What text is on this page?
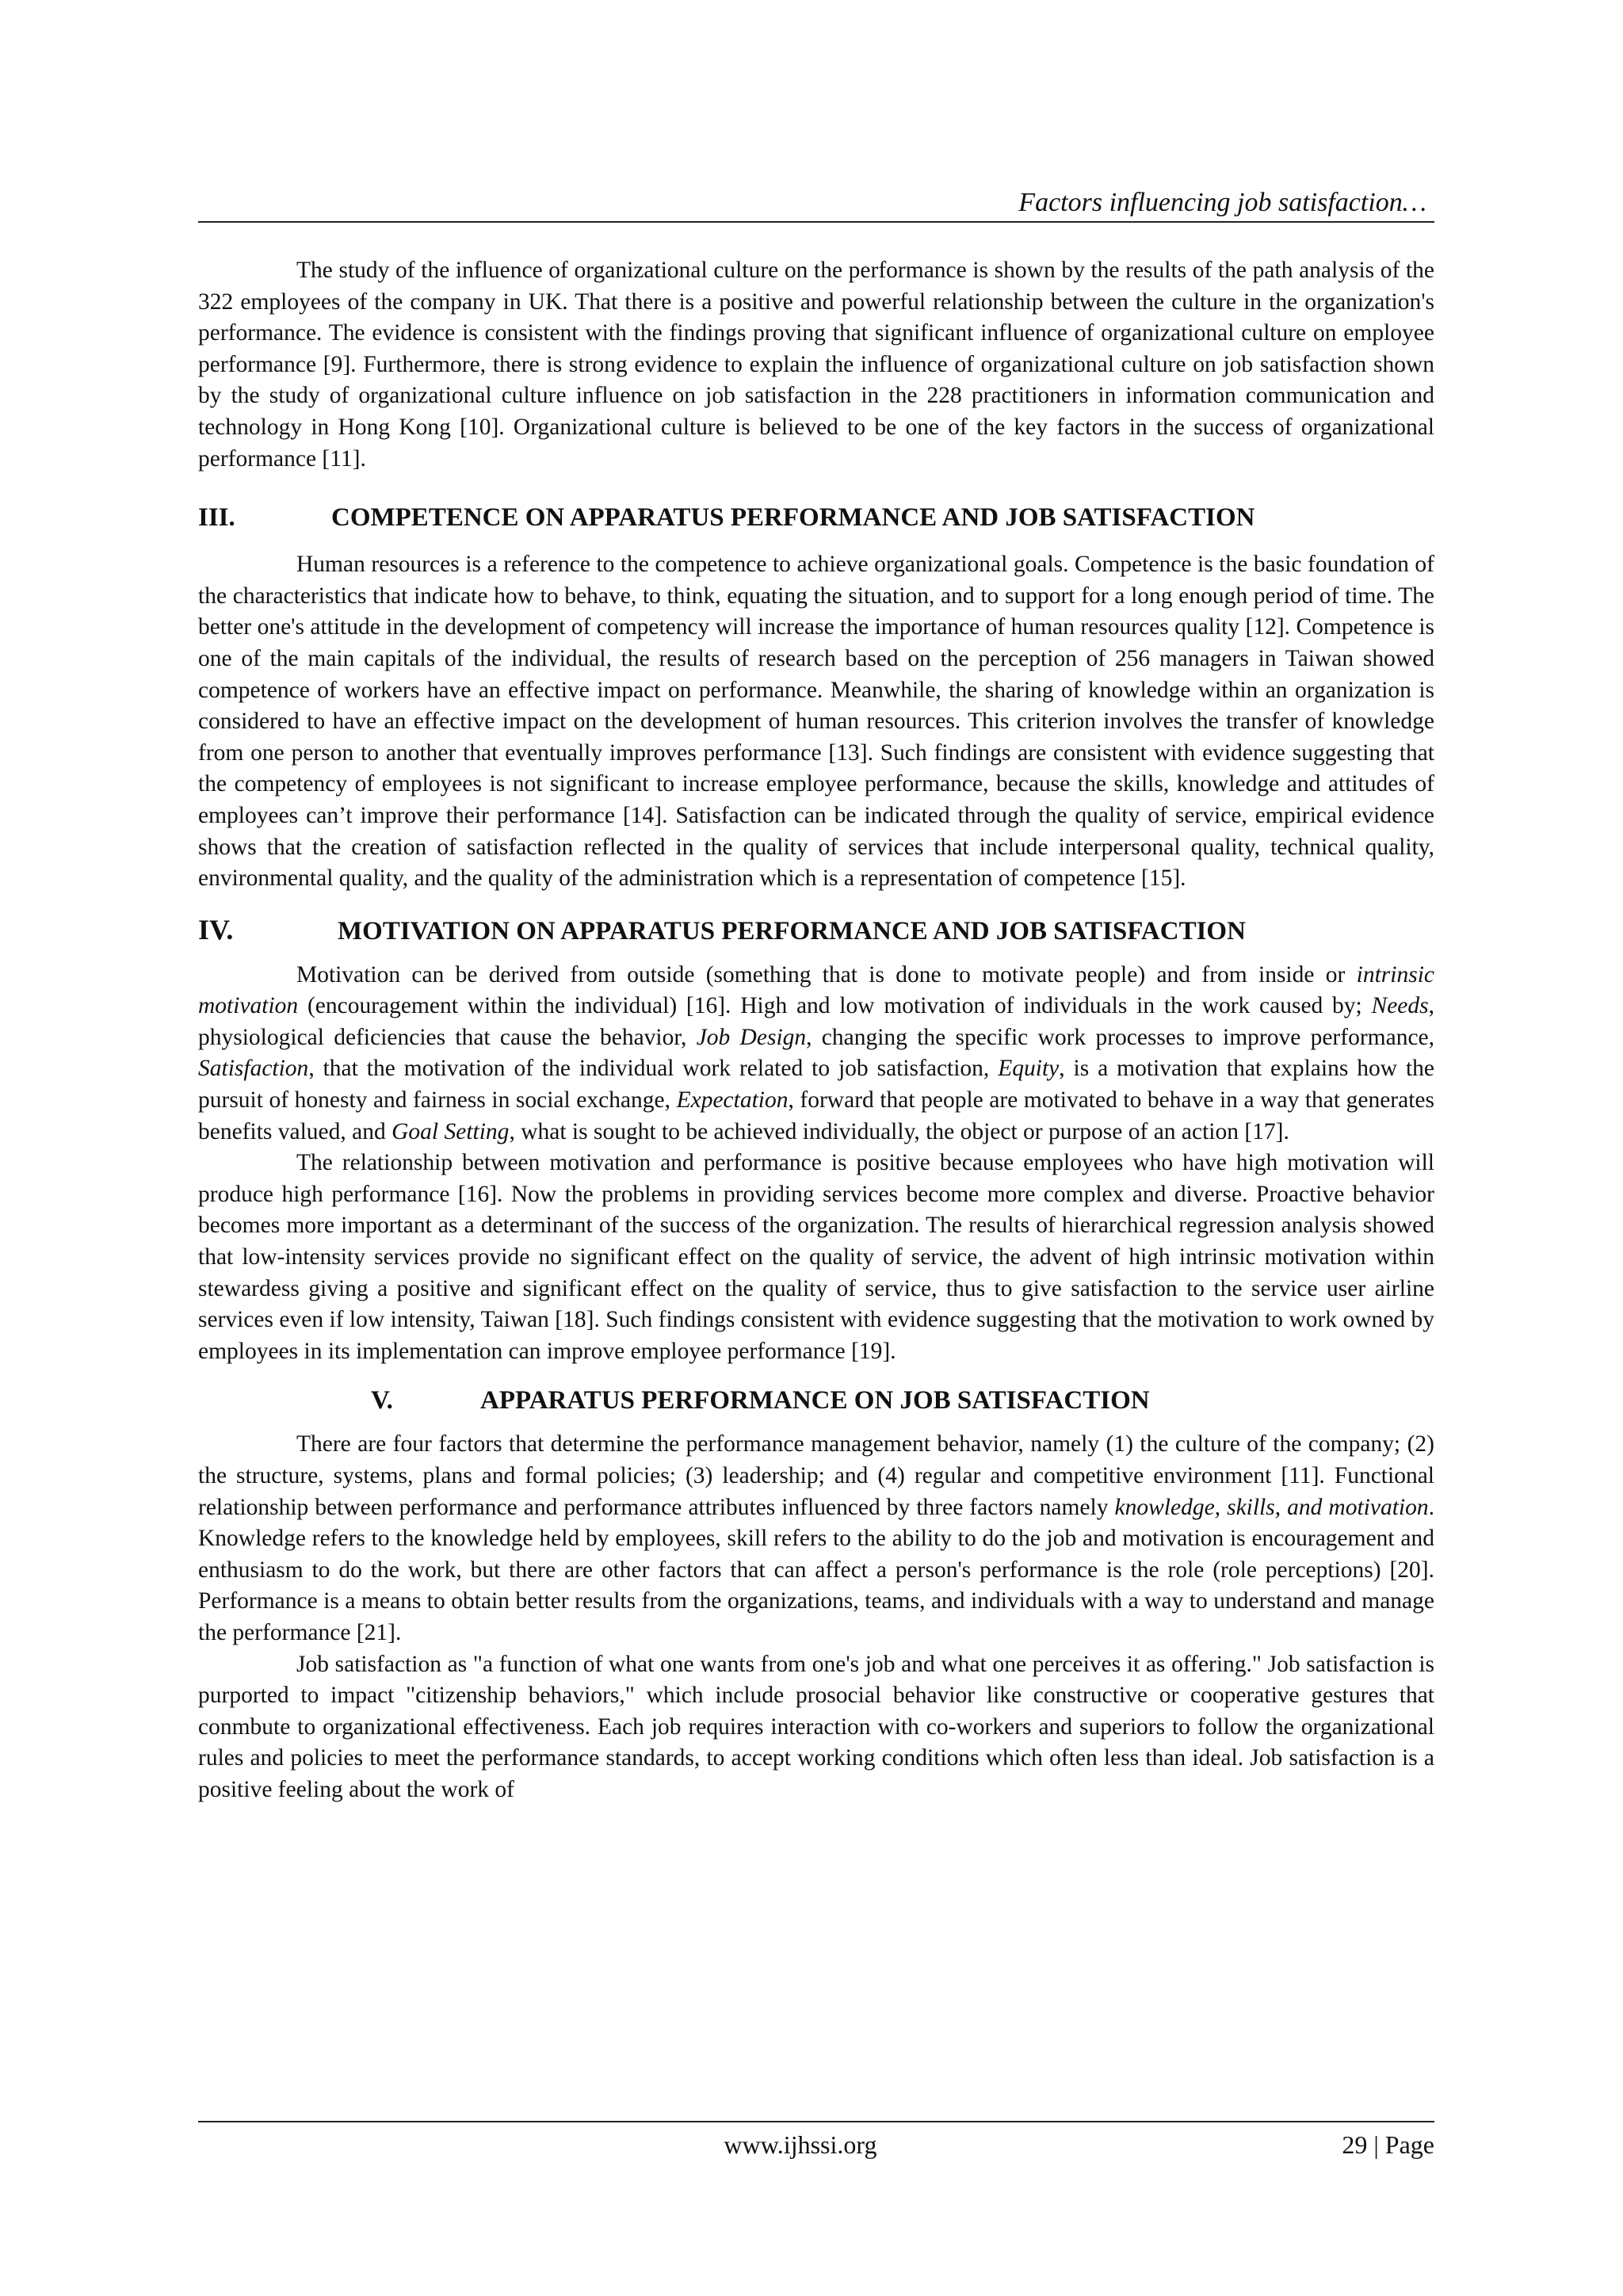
Factors influencing job satisfaction…

The study of the influence of organizational culture on the performance is shown by the results of the path analysis of the 322 employees of the company in UK. That there is a positive and powerful relationship between the culture in the organization's performance. The evidence is consistent with the findings proving that significant influence of organizational culture on employee performance [9]. Furthermore, there is strong evidence to explain the influence of organizational culture on job satisfaction shown by the study of organizational culture influence on job satisfaction in the 228 practitioners in information communication and technology in Hong Kong [10]. Organizational culture is believed to be one of the key factors in the success of organizational performance [11].

III.	COMPETENCE ON APPARATUS PERFORMANCE AND JOB SATISFACTION

Human resources is a reference to the competence to achieve organizational goals. Competence is the basic foundation of the characteristics that indicate how to behave, to think, equating the situation, and to support for a long enough period of time. The better one's attitude in the development of competency will increase the importance of human resources quality [12]. Competence is one of the main capitals of the individual, the results of research based on the perception of 256 managers in Taiwan showed competence of workers have an effective impact on performance. Meanwhile, the sharing of knowledge within an organization is considered to have an effective impact on the development of human resources. This criterion involves the transfer of knowledge from one person to another that eventually improves performance [13]. Such findings are consistent with evidence suggesting that the competency of employees is not significant to increase employee performance, because the skills, knowledge and attitudes of employees can’t improve their performance [14]. Satisfaction can be indicated through the quality of service, empirical evidence shows that the creation of satisfaction reflected in the quality of services that include interpersonal quality, technical quality, environmental quality, and the quality of the administration which is a representation of competence [15].

IV.	MOTIVATION ON APPARATUS PERFORMANCE AND JOB SATISFACTION

Motivation can be derived from outside (something that is done to motivate people) and from inside or intrinsic motivation (encouragement within the individual) [16]. High and low motivation of individuals in the work caused by; Needs, physiological deficiencies that cause the behavior, Job Design, changing the specific work processes to improve performance, Satisfaction, that the motivation of the individual work related to job satisfaction, Equity, is a motivation that explains how the pursuit of honesty and fairness in social exchange, Expectation, forward that people are motivated to behave in a way that generates benefits valued, and Goal Setting, what is sought to be achieved individually, the object or purpose of an action [17].

The relationship between motivation and performance is positive because employees who have high motivation will produce high performance [16]. Now the problems in providing services become more complex and diverse. Proactive behavior becomes more important as a determinant of the success of the organization. The results of hierarchical regression analysis showed that low-intensity services provide no significant effect on the quality of service, the advent of high intrinsic motivation within stewardess giving a positive and significant effect on the quality of service, thus to give satisfaction to the service user airline services even if low intensity, Taiwan [18]. Such findings consistent with evidence suggesting that the motivation to work owned by employees in its implementation can improve employee performance [19].

V.	APPARATUS PERFORMANCE ON JOB SATISFACTION

There are four factors that determine the performance management behavior, namely (1) the culture of the company; (2) the structure, systems, plans and formal policies; (3) leadership; and (4) regular and competitive environment [11]. Functional relationship between performance and performance attributes influenced by three factors namely knowledge, skills, and motivation. Knowledge refers to the knowledge held by employees, skill refers to the ability to do the job and motivation is encouragement and enthusiasm to do the work, but there are other factors that can affect a person's performance is the role (role perceptions) [20]. Performance is a means to obtain better results from the organizations, teams, and individuals with a way to understand and manage the performance [21].

Job satisfaction as "a function of what one wants from one's job and what one perceives it as offering." Job satisfaction is purported to impact "citizenship behaviors," which include prosocial behavior like constructive or cooperative gestures that conmbute to organizational effectiveness. Each job requires interaction with co-workers and superiors to follow the organizational rules and policies to meet the performance standards, to accept working conditions which often less than ideal. Job satisfaction is a positive feeling about the work of

www.ijhssi.org	29 | Page
